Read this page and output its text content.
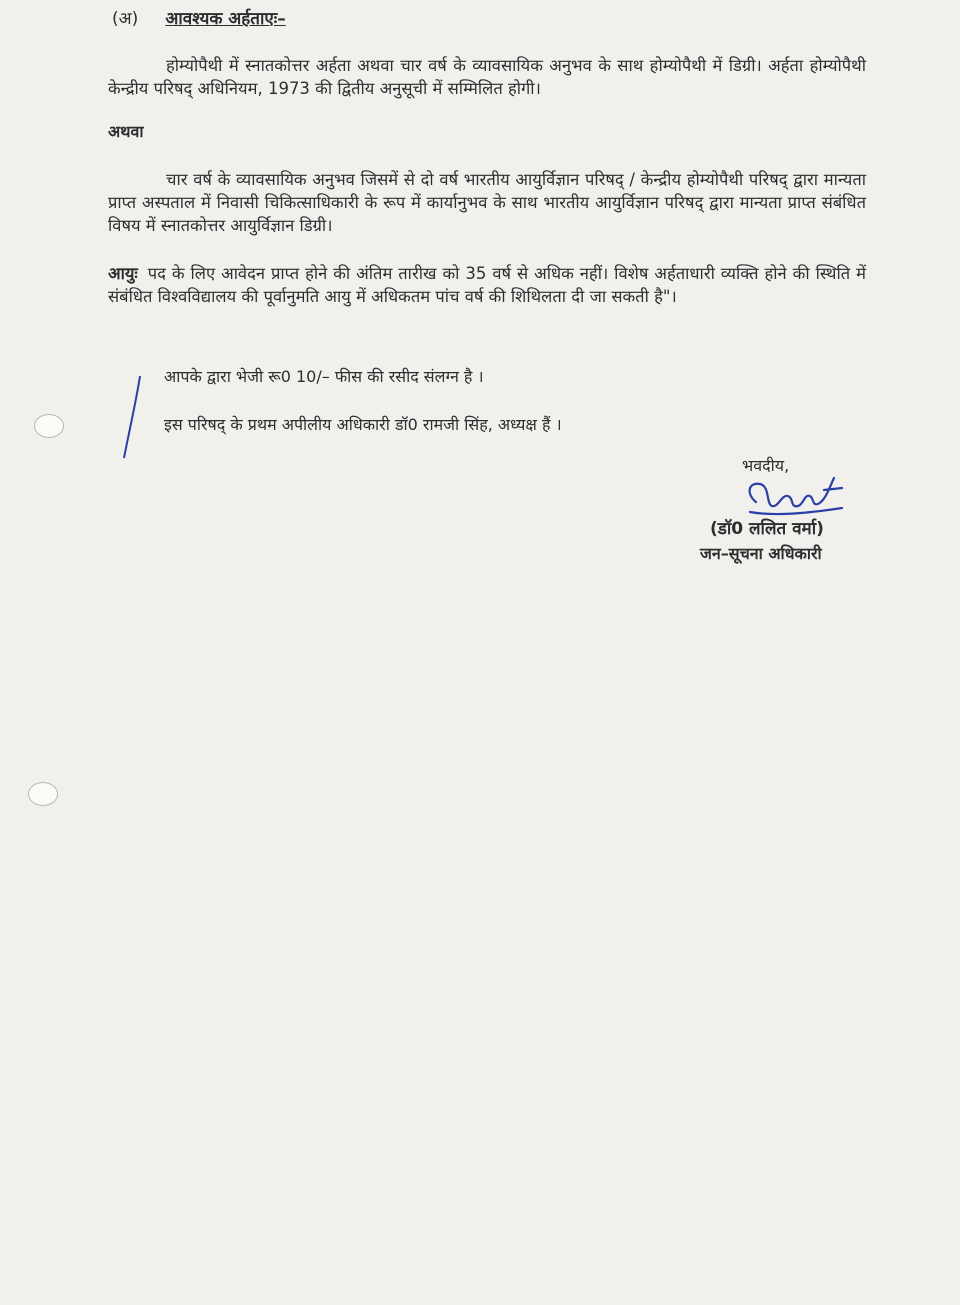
(अ) आवश्यक अर्हताएः–
होम्योपैथी में स्नातकोत्तर अर्हता अथवा चार वर्ष के व्यावसायिक अनुभव के साथ होम्योपैथी में डिग्री। अर्हता होम्योपैथी केन्द्रीय परिषद् अधिनियम, 1973 की द्वितीय अनुसूची में सम्मिलित होगी।
अथवा
चार वर्ष के व्यावसायिक अनुभव जिसमें से दो वर्ष भारतीय आयुर्विज्ञान परिषद् / केन्द्रीय होम्योपैथी परिषद् द्वारा मान्यता प्राप्त अस्पताल में निवासी चिकित्साधिकारी के रूप में कार्यानुभव के साथ भारतीय आयुर्विज्ञान परिषद् द्वारा मान्यता प्राप्त संबंधित विषय में स्नातकोत्तर आयुर्विज्ञान डिग्री।
आयुः पद के लिए आवेदन प्राप्त होने की अंतिम तारीख को 35 वर्ष से अधिक नहीं। विशेष अर्हताधारी व्यक्ति होने की स्थिति में संबंधित विश्वविद्यालय की पूर्वानुमति आयु में अधिकतम पांच वर्ष की शिथिलता दी जा सकती है"।
आपके द्वारा भेजी रू0 10/– फीस की रसीद संलग्न है ।
इस परिषद् के प्रथम अपीलीय अधिकारी डॉ0 रामजी सिंह, अध्यक्ष हैं ।
भवदीय,
(डॉ0 ललित वर्मा)
जन–सूचना अधिकारी
